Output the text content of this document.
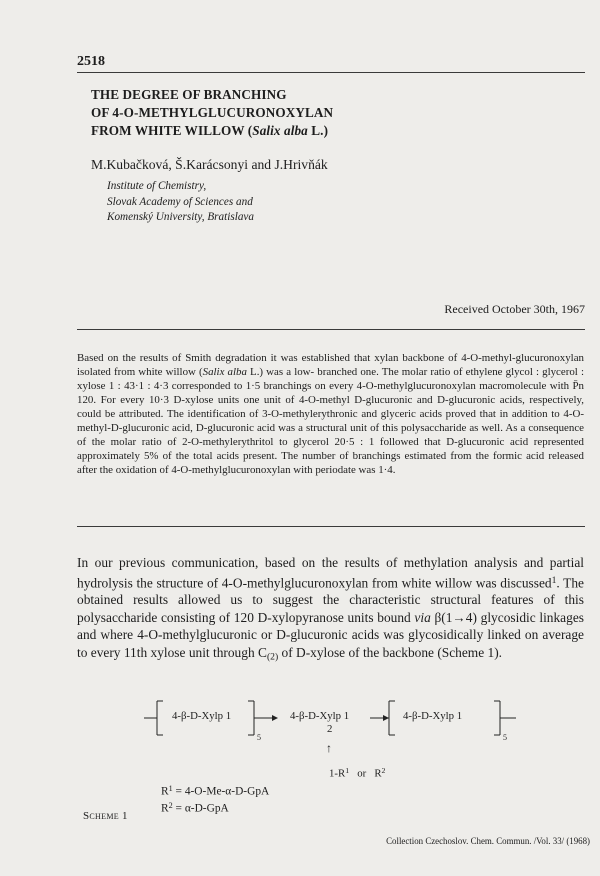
2518
THE DEGREE OF BRANCHING
OF 4-O-METHYLGLUCURONOXYLAN
FROM WHITE WILLOW (Salix alba L.)
M.Kubačková, Š.Karácsonyi and J.Hrivňák
Institute of Chemistry,
Slovak Academy of Sciences and
Komenský University, Bratislava
Received October 30th, 1967

Based on the results of Smith degradation it was established that xylan backbone of 4-O-methyl-glucuronoxylan isolated from white willow (Salix alba L.) was a low- branched one. The molar ratio of ethylene glycol : glycerol : xylose 1 : 43·1 : 4·3 corresponded to 1·5 branchings on every 4-O-methylglucuronoxylan macromolecule with P̄n 120. For every 10·3 D-xylose units one unit of 4-O-methyl D-glucuronic and D-glucuronic acids, respectively, could be attributed. The identification of 3-O-methylerythronic and glyceric acids proved that in addition to 4-O-methyl-D-glucuronic acid, D-glucuronic acid was a structural unit of this polysaccharide as well. As a consequence of the molar ratio of 2-O-methylerythritol to glycerol 20·5 : 1 followed that D-glucuronic acid represented approximately 5% of the total acids present. The number of branchings estimated from the formic acid released after the oxidation of 4-O-methylglucuronoxylan with periodate was 1·4.

In our previous communication, based on the results of methylation analysis and partial hydrolysis the structure of 4-O-methylglucuronoxylan from white willow was discussed$^1$. The obtained results allowed us to suggest the characteristic structural features of this polysaccharide consisting of 120 D-xylopyranose units bound via β(1→4) glycosidic linkages and where 4-O-methylglucuronic or D-glucuronic acids was glycosidically linked on average to every 11th xylose unit through $C_{(2)}$ of D-xylose of the backbone (Scheme 1).

4-β-D-Xylp 1
5
4-β-D-Xylp 1
2
↑
$1-R^1$ or $R^2$
4-β-D-Xylp 1
5
$R^1 = 4-O-Me-\alpha-D-GpA$
$R^2 = \alpha-D-GpA$
Scheme 1
Collection Czechoslov. Chem. Commun. /Vol. 33/ (1968)
